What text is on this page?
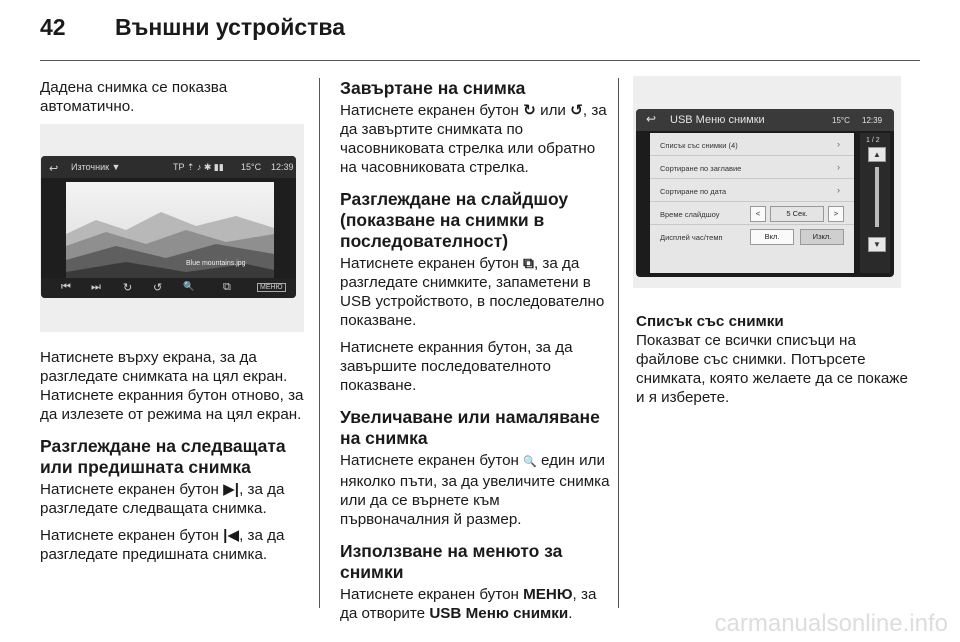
42 Външни устройства

Дадена снимка се показва автоматично.

↩ Източник ▼	TP ⇡ ♪ ✱ ▮▮ 15°C 12:39
Blue mountains.jpg
⏮ ⏭ ↻ ↺ 🔍	⧉	МЕНЮ

Натиснете върху екрана, за да разгледате снимката на цял екран. Натиснете екранния бутон отново, за да излезете от режима на цял екран.

Разглеждане на следващата или предишната снимка

Натиснете екранен бутон ▶|, за да разгледате следващата снимка.

Натиснете екранен бутон |◀, за да разгледате предишната снимка.

Завъртане на снимка

Натиснете екранен бутон ↻ или ↺, за да завъртите снимката по часовниковата стрелка или обратно на часовниковата стрелка.

Разглеждане на слайдшоу (показване на снимки в последователност)

Натиснете екранен бутон ⧉, за да разгледате снимките, запаметени в USB устройството, в последователно показване.

Натиснете екранния бутон, за да завършите последователното показване.

Увеличаване или намаляване на снимка

Натиснете екранен бутон 🔍 един или няколко пъти, за да увеличите снимка или да се върнете към първоначалния й размер.

Използване на менюто за снимки

Натиснете екранен бутон МЕНЮ, за да отворите USB Меню снимки.

↩ USB Меню снимки	15°C 12:39
Списък със снимки (4)	›
Сортиране по заглавие	›
Сортиране по дата	›
Време слайдшоу	<	5 Сек.	>
Дисплей час/темп	Вкл.	Изкл.
1 / 2
▲
▼
Списък със снимки

Показват се всички списъци на файлове със снимки. Потърсете снимката, която желаете да се покаже и я изберете.

carmanualsonline.info
